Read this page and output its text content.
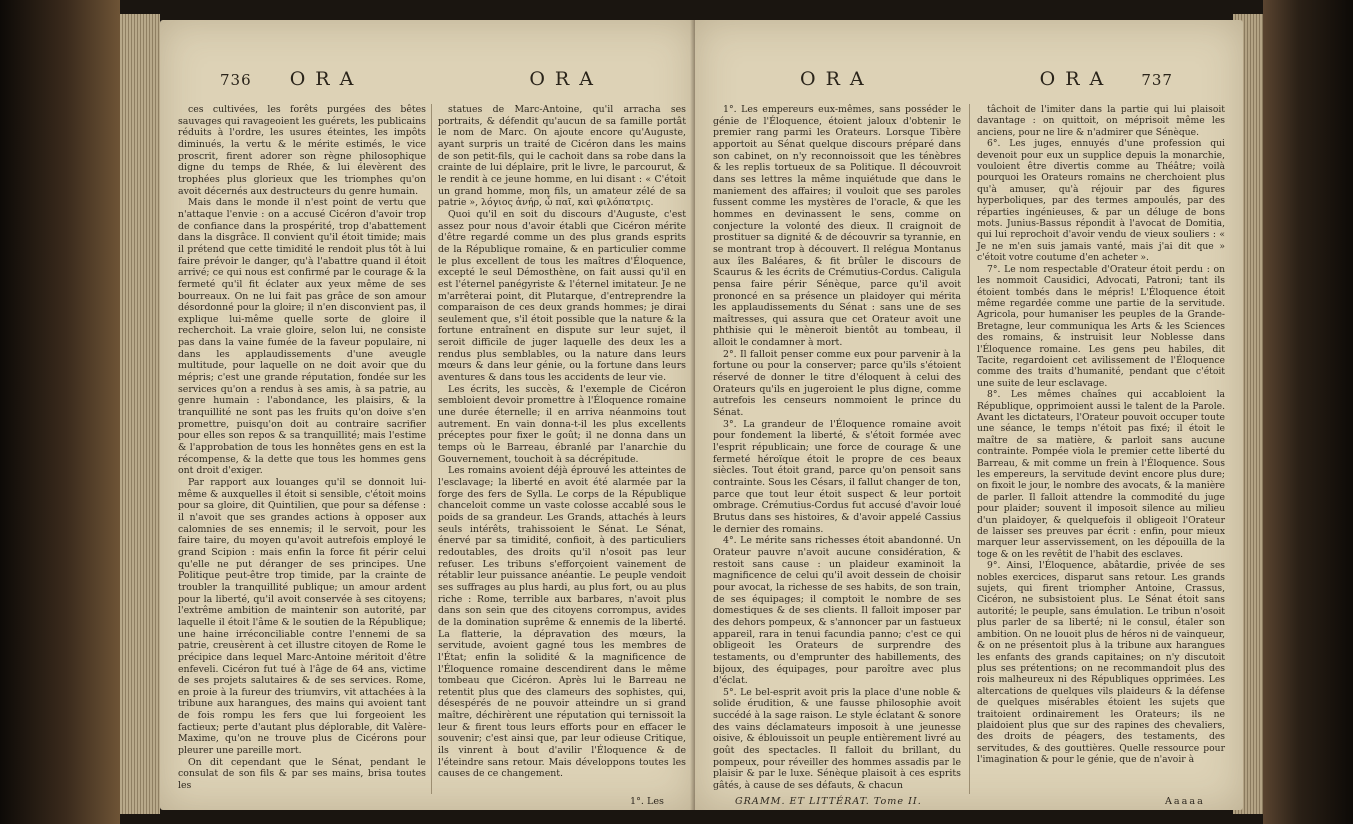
736 ORA	ORA

ces cultivées, les forêts purgées des bêtes sauvages qui ravageoient les guérets, les publicains réduits à l'ordre, les usures éteintes, les impôts diminués, la vertu & le mérite estimés, le vice proscrit, firent adorer son règne philosophique digne du temps de Rhée, & lui élevèrent des trophées plus glorieux que les triomphes qu'on avoit décernés aux destructeurs du genre humain.

Mais dans le monde il n'est point de vertu que n'attaque l'envie : on a accusé Cicéron d'avoir trop de confiance dans la prospérité, trop d'abattement dans la disgrâce. Il convient qu'il étoit timide; mais il prétend que cette timidité le rendoit plus tôt à lui faire prévoir le danger, qu'à l'abattre quand il étoit arrivé; ce qui nous est confirmé par le courage & la fermeté qu'il fit éclater aux yeux même de ses bourreaux. On ne lui fait pas grâce de son amour désordonné pour la gloire; il n'en disconvient pas, il explique lui-même quelle sorte de gloire il recherchoit. La vraie gloire, selon lui, ne consiste pas dans la vaine fumée de la faveur populaire, ni dans les applaudissements d'une aveugle multitude, pour laquelle on ne doit avoir que du mépris; c'est une grande réputation, fondée sur les services qu'on a rendus à ses amis, à sa patrie, au genre humain : l'abondance, les plaisirs, & la tranquillité ne sont pas les fruits qu'on doive s'en promettre, puisqu'on doit au contraire sacrifier pour elles son repos & sa tranquillité; mais l'estime & l'approbation de tous les honnêtes gens en est la récompense, & la dette que tous les hommes gens ont droit d'exiger.

Par rapport aux louanges qu'il se donnoit lui-même & auxquelles il étoit si sensible, c'étoit moins pour sa gloire, dit Quintilien, que pour sa défense : il n'avoit que ses grandes actions à opposer aux calomnies de ses ennemis; il le servoit, pour les faire taire, du moyen qu'avoit autrefois employé le grand Scipion : mais enfin la force fit périr celui qu'elle ne put déranger de ses principes. Une Politique peut-être trop timide, par la crainte de troubler la tranquillité publique; un amour ardent pour la liberté, qu'il avoit conservée à ses citoyens; l'extrême ambition de maintenir son autorité, par laquelle il étoit l'âme & le soutien de la République; une haine irréconciliable contre l'ennemi de sa patrie, creusèrent à cet illustre citoyen de Rome le précipice dans lequel Marc-Antoine méritoit d'être enfeveli. Cicéron fut tué à l'âge de 64 ans, victime de ses projets salutaires & de ses services. Rome, en proie à la fureur des triumvirs, vit attachées à la tribune aux harangues, des mains qui avoient tant de fois rompu les fers que lui forgeoient les factieux; perte d'autant plus déplorable, dit Valère-Maxime, qu'on ne trouve plus de Cicérons pour pleurer une pareille mort.

On dit cependant que le Sénat, pendant le consulat de son fils & par ses mains, brisa toutes les

statues de Marc-Antoine, qu'il arracha ses portraits, & défendit qu'aucun de sa famille portât le nom de Marc. On ajoute encore qu'Auguste, ayant surpris un traité de Cicéron dans les mains de son petit-fils, qui le cachoit dans sa robe dans la crainte de lui déplaire, prit le livre, le parcourut, & le rendit à ce jeune homme, en lui disant : « C'étoit un grand homme, mon fils, un amateur zélé de sa patrie », λόγιος ἀνήρ, ὦ παῖ, καὶ φιλόπατρις.

Quoi qu'il en soit du discours d'Auguste, c'est assez pour nous d'avoir établi que Cicéron mérite d'être regardé comme un des plus grands esprits de la République romaine, & en particulier comme le plus excellent de tous les maîtres d'Éloquence, excepté le seul Démosthène, on fait aussi qu'il en est l'éternel panégyriste & l'éternel imitateur. Je ne m'arrêterai point, dit Plutarque, d'entreprendre la comparaison de ces deux grands hommes; je dirai seulement que, s'il étoit possible que la nature & la fortune entraînent en dispute sur leur sujet, il seroit difficile de juger laquelle des deux les a rendus plus semblables, ou la nature dans leurs mœurs & dans leur génie, ou la fortune dans leurs aventures & dans tous les accidents de leur vie.

Les écrits, les succès, & l'exemple de Cicéron sembloient devoir promettre à l'Éloquence romaine une durée éternelle; il en arriva néanmoins tout autrement. En vain donna-t-il les plus excellents préceptes pour fixer le goût; il ne donna dans un temps où le Barreau, ébranlé par l'anarchie du Gouvernement, touchoit à sa décrépitude.

Les romains avoient déjà éprouvé les atteintes de l'esclavage; la liberté en avoit été alarmée par la forge des fers de Sylla. Le corps de la République chanceloit comme un vaste colosse accablé sous le poids de sa grandeur. Les Grands, attachés à leurs seuls intérêts, trahissoient le Sénat. Le Sénat, énervé par sa timidité, confioit, à des particuliers redoutables, des droits qu'il n'osoit pas leur refuser. Les tribuns s'efforçoient vainement de rétablir leur puissance anéantie. Le peuple vendoit ses suffrages au plus hardi, au plus fort, ou au plus riche : Rome, terrible aux barbares, n'avoit plus dans son sein que des citoyens corrompus, avides de la domination suprême & ennemis de la liberté. La flatterie, la dépravation des mœurs, la servitude, avoient gagné tous les membres de l'État; enfin la solidité & la magnificence de l'Éloquence romaine descendirent dans le même tombeau que Cicéron. Après lui le Barreau ne retentit plus que des clameurs des sophistes, qui, désespérés de ne pouvoir atteindre un si grand maître, déchirèrent une réputation qui ternissoit la leur & firent tous leurs efforts pour en effacer le souvenir; c'est ainsi que, par leur odieuse Critique, ils vinrent à bout d'avilir l'Éloquence & de l'éteindre sans retour. Mais développons toutes les causes de ce changement.

1°. Les
ORA	ORA 737

1°. Les empereurs eux-mêmes, sans posséder le génie de l'Éloquence, étoient jaloux d'obtenir le premier rang parmi les Orateurs. Lorsque Tibère apportoit au Sénat quelque discours préparé dans son cabinet, on n'y reconnoissoit que les ténèbres & les replis tortueux de sa Politique. Il découvroit dans ses lettres la même inquiétude que dans le maniement des affaires; il vouloit que ses paroles fussent comme les mystères de l'oracle, & que les hommes en devinassent le sens, comme on conjecture la volonté des dieux. Il craignoit de prostituer sa dignité & de découvrir sa tyrannie, en se montrant trop à découvert. Il relégua Montanus aux îles Baléares, & fit brûler le discours de Scaurus & les écrits de Crémutius-Cordus. Caligula pensa faire périr Sénèque, parce qu'il avoit prononcé en sa présence un plaidoyer qui mérita les applaudissements du Sénat : sans une de ses maîtresses, qui assura que cet Orateur avoit une phthisie qui le mèneroit bientôt au tombeau, il alloit le condamner à mort.

2°. Il falloit penser comme eux pour parvenir à la fortune ou pour la conserver; parce qu'ils s'étoient réservé de donner le titre d'éloquent à celui des Orateurs qu'ils en jugeroient le plus digne, comme autrefois les censeurs nommoient le prince du Sénat.

3°. La grandeur de l'Éloquence romaine avoit pour fondement la liberté, & s'étoit formée avec l'esprit républicain; une force de courage & une fermeté héroïque étoit le propre de ces beaux siècles. Tout étoit grand, parce qu'on pensoit sans contrainte. Sous les Césars, il fallut changer de ton, parce que tout leur étoit suspect & leur portoit ombrage. Crémutius-Cordus fut accusé d'avoir loué Brutus dans ses histoires, & d'avoir appelé Cassius le dernier des romains.

4°. Le mérite sans richesses étoit abandonné. Un Orateur pauvre n'avoit aucune considération, & restoit sans cause : un plaideur examinoit la magnificence de celui qu'il avoit dessein de choisir pour avocat, la richesse de ses habits, de son train, de ses équipages; il comptoit le nombre de ses domestiques & de ses clients. Il falloit imposer par des dehors pompeux, & s'annoncer par un fastueux appareil, rara in tenui facundia panno; c'est ce qui obligeoit les Orateurs de surprendre des testaments, ou d'emprunter des habillements, des bijoux, des équipages, pour paroître avec plus d'éclat.

5°. Le bel-esprit avoit pris la place d'une noble & solide érudition, & une fausse philosophie avoit succédé à la sage raison. Le style éclatant & sonore des vains déclamateurs imposoit à une jeunesse oisive, & éblouissoit un peuple entièrement livré au goût des spectacles. Il falloit du brillant, du pompeux, pour réveiller des hommes assadis par le plaisir & par le luxe. Sénèque plaisoit à ces esprits gâtés, à cause de ses défauts, & chacun

tâchoit de l'imiter dans la partie qui lui plaisoit davantage : on quittoit, on méprisoit même les anciens, pour ne lire & n'admirer que Sénèque.

6°. Les juges, ennuyés d'une profession qui devenoit pour eux un supplice depuis la monarchie, vouloient être divertis comme au Théâtre; voilà pourquoi les Orateurs romains ne cherchoient plus qu'à amuser, qu'à réjouir par des figures hyperboliques, par des termes ampoulés, par des réparties ingénieuses, & par un déluge de bons mots. Junius-Bassus répondit à l'avocat de Domitia, qui lui reprochoit d'avoir vendu de vieux souliers : « Je ne m'en suis jamais vanté, mais j'ai dit que » c'étoit votre coutume d'en acheter ».

7°. Le nom respectable d'Orateur étoit perdu : on les nommoit Causidici, Advocati, Patroni; tant ils étoient tombés dans le mépris! L'Éloquence étoit même regardée comme une partie de la servitude. Agricola, pour humaniser les peuples de la Grande-Bretagne, leur communiqua les Arts & les Sciences des romains, & instruisit leur Noblesse dans l'Éloquence romaine. Les gens peu habiles, dit Tacite, regardoient cet avilissement de l'Éloquence comme des traits d'humanité, pendant que c'étoit une suite de leur esclavage.

8°. Les mêmes chaînes qui accabloient la République, opprimoient aussi le talent de la Parole. Avant les dictateurs, l'Orateur pouvoit occuper toute une séance, le temps n'étoit pas fixé; il étoit le maître de sa matière, & parloit sans aucune contrainte. Pompée viola le premier cette liberté du Barreau, & mit comme un frein à l'Éloquence. Sous les empereurs, la servitude devint encore plus dure; on fixoit le jour, le nombre des avocats, & la manière de parler. Il falloit attendre la commodité du juge pour plaider; souvent il imposoit silence au milieu d'un plaidoyer, & quelquefois il obligeoit l'Orateur de laisser ses preuves par écrit : enfin, pour mieux marquer leur asservissement, on les dépouilla de la toge & on les revêtit de l'habit des esclaves.

9°. Ainsi, l'Éloquence, abâtardie, privée de ses nobles exercices, disparut sans retour. Les grands sujets, qui firent triompher Antoine, Crassus, Cicéron, ne subsistoient plus. Le Sénat étoit sans autorité; le peuple, sans émulation. Le tribun n'osoit plus parler de sa liberté; ni le consul, étaler son ambition. On ne louoit plus de héros ni de vainqueur, & on ne présentoit plus à la tribune aux harangues les enfants des grands capitaines; on n'y discutoit plus ses prétentions; on ne recommandoit plus des rois malheureux ni des Républiques opprimées. Les altercations de quelques vils plaideurs & la défense de quelques misérables étoient les sujets que traitoient ordinairement les Orateurs; ils ne plaidoient plus que sur des rapines des chevaliers, des droits de péagers, des testaments, des servitudes, & des gouttières. Quelle ressource pour l'imagination & pour le génie, que de n'avoir à

GRAMM. ET LITTÉRAT. Tome II.	Aaaaa
